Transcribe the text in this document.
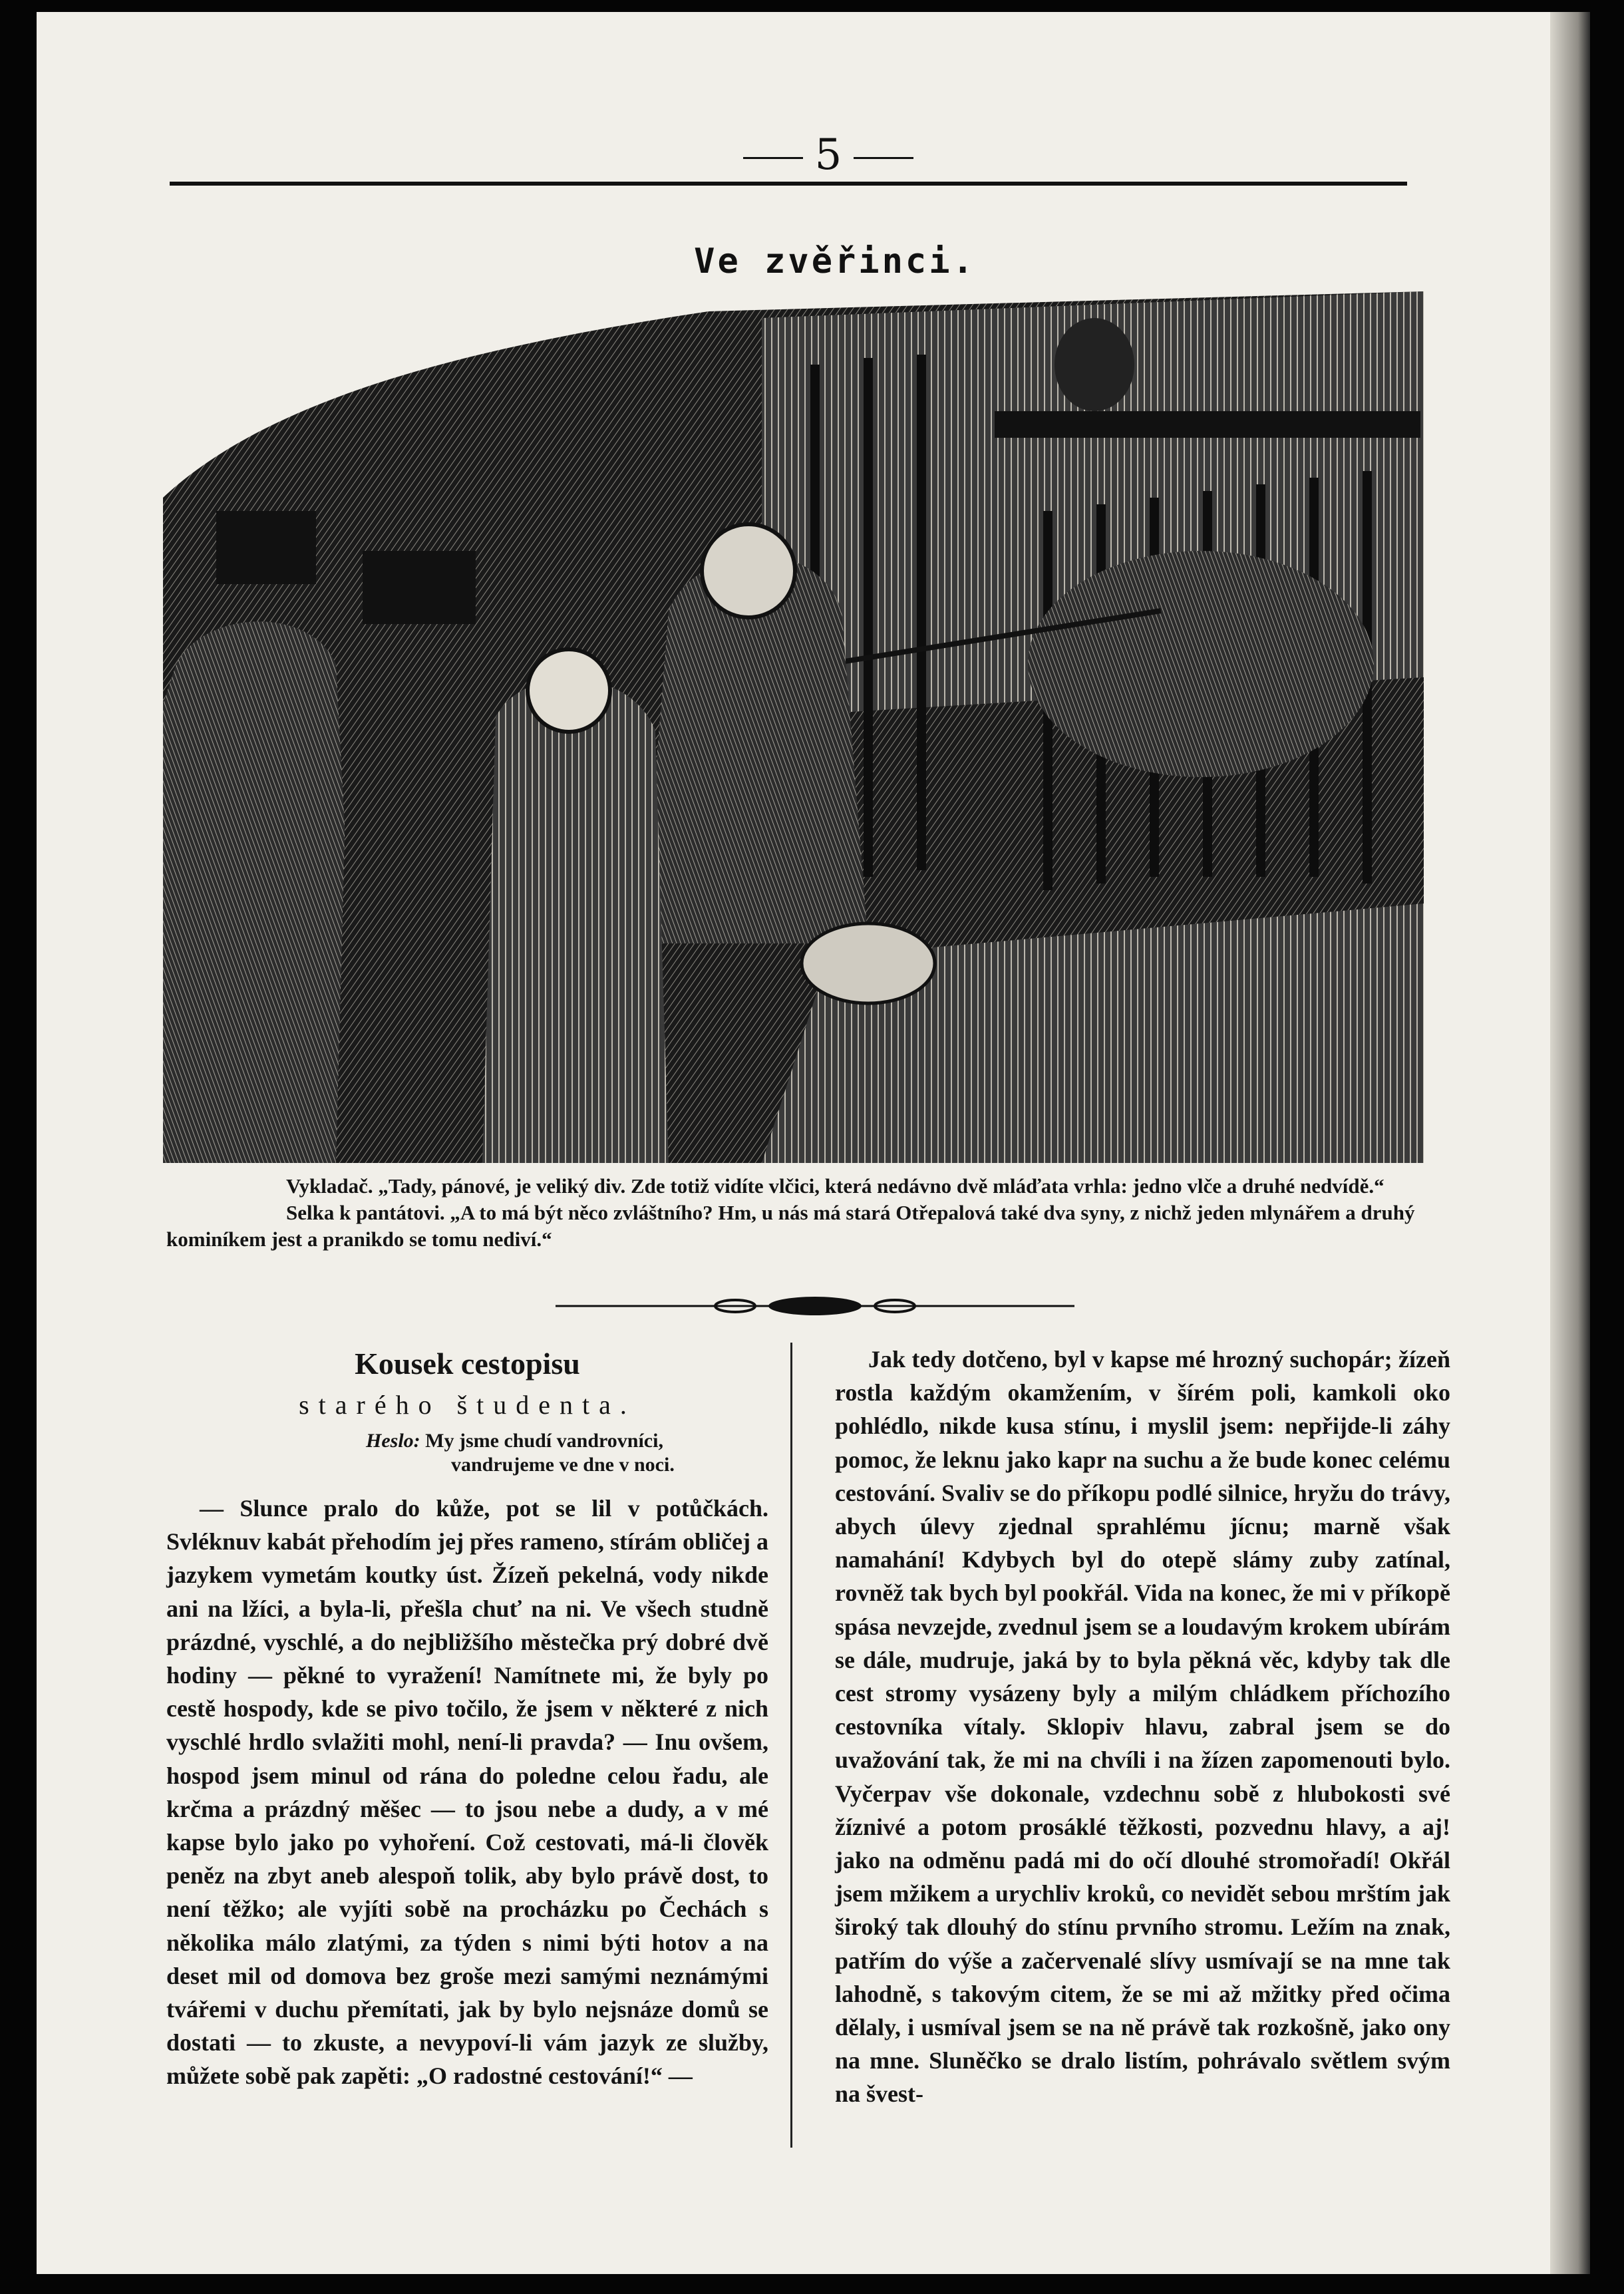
5
Ve zvěřinci.

Vykladač. „Tady, pánové, je veliký div. Zde totiž vidíte vlčici, která nedávno dvě mláďata vrhla: jedno vlče a druhé nedvídě.“

Selka k pantátovi. „A to má být něco zvláštního? Hm, u nás má stará Otřepalová také dva syny, z nichž jeden mlynářem a druhý kominíkem jest a pranikdo se tomu nediví.“

Kousek cestopisu

starého študenta.

Heslo: My jsme chudí vandrovníci,
vandrujeme ve dne v noci.

— Slunce pralo do kůže, pot se lil v potůčkách. Svléknuv kabát přehodím jej přes rameno, stírám obličej a jazykem vymetám koutky úst. Žízeň pekelná, vody nikde ani na lžíci, a byla-li, přešla chuť na ni. Ve všech studně prázdné, vyschlé, a do nejbližšího městečka prý dobré dvě hodiny — pěkné to vyražení! Namítnete mi, že byly po cestě hospody, kde se pivo točilo, že jsem v některé z nich vyschlé hrdlo svlažiti mohl, není-li pravda? — Inu ovšem, hospod jsem minul od rána do poledne celou řadu, ale krčma a prázdný měšec — to jsou nebe a dudy, a v mé kapse bylo jako po vyhoření. Což cestovati, má-li člověk peněz na zbyt aneb alespoň tolik, aby bylo právě dost, to není těžko; ale vyjíti sobě na procházku po Čechách s několika málo zlatými, za týden s nimi býti hotov a na deset mil od domova bez groše mezi samými neznámými tvářemi v duchu přemítati, jak by bylo nejsnáze domů se dostati — to zkuste, a nevypoví-li vám jazyk ze služby, můžete sobě pak zapěti: „O radostné cestování!“ —

Jak tedy dotčeno, byl v kapse mé hrozný suchopár; žízeň rostla každým okamžením, v šírém poli, kamkoli oko pohlédlo, nikde kusa stínu, i myslil jsem: nepřijde-li záhy pomoc, že leknu jako kapr na suchu a že bude konec celému cestování. Svaliv se do příkopu podlé silnice, hryžu do trávy, abych úlevy zjednal sprahlému jícnu; marně však namahání! Kdybych byl do otepě slámy zuby zatínal, rovněž tak bych byl pookřál. Vida na konec, že mi v příkopě spása nevzejde, zvednul jsem se a loudavým krokem ubírám se dále, mudruje, jaká by to byla pěkná věc, kdyby tak dle cest stromy vysázeny byly a milým chládkem příchozího cestovníka vítaly. Sklopiv hlavu, zabral jsem se do uvažování tak, že mi na chvíli i na žízen zapomenouti bylo. Vyčerpav vše dokonale, vzdechnu sobě z hlubokosti své žíznivé a potom prosáklé těžkosti, pozvednu hlavy, a aj! jako na odměnu padá mi do očí dlouhé stromořadí! Okřál jsem mžikem a urychliv kroků, co nevidět sebou mrštím jak široký tak dlouhý do stínu prvního stromu. Ležím na znak, patřím do výše a začervenalé slívy usmívají se na mne tak lahodně, s takovým citem, že se mi až mžitky před očima dělaly, i usmíval jsem se na ně právě tak rozkošně, jako ony na mne. Sluněčko se dralo listím, pohrávalo světlem svým na švest-
